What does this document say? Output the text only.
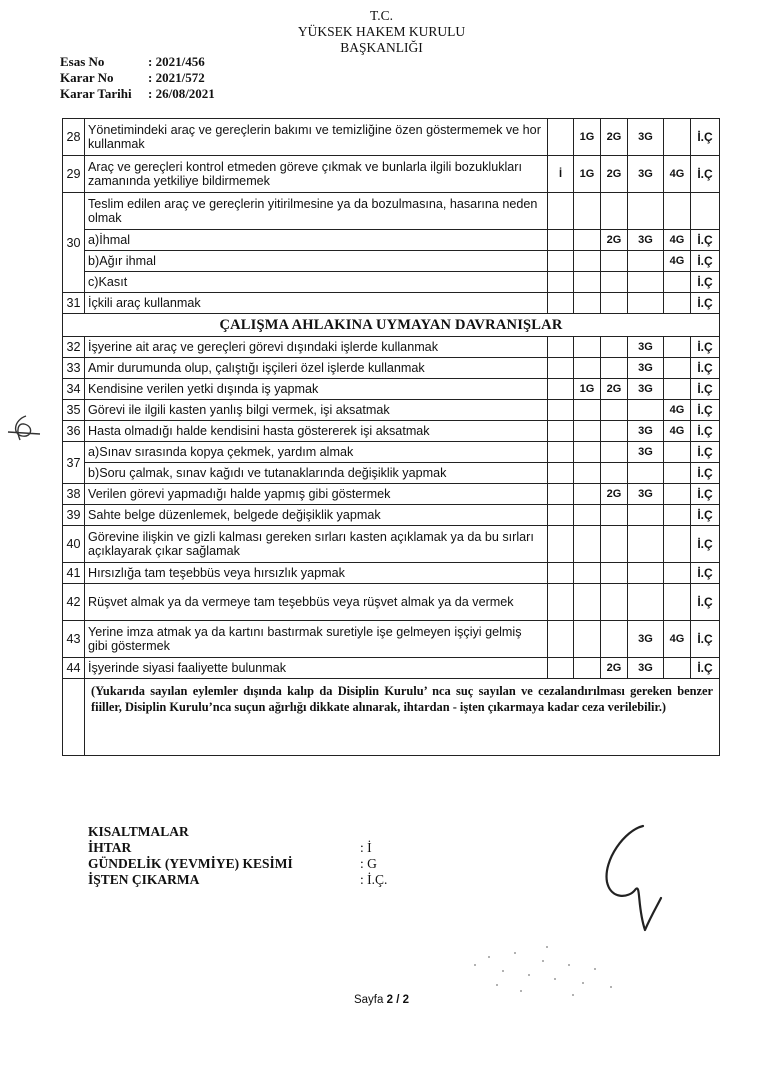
T.C.
YÜKSEK HAKEM KURULU
BAŞKANLIĞI
Esas No	: 2021/456
Karar No	: 2021/572
Karar Tarihi	: 26/08/2021
28	Yönetimindeki araç ve gereçlerin bakımı ve temizliğine özen göstermemek ve hor kullanmak		1G	2G	3G		İ.Ç
29	Araç ve gereçleri kontrol etmeden göreve çıkmak ve bunlarla ilgili bozuklukları zamanında yetkiliye bildirmemek	İ	1G	2G	3G	4G	İ.Ç
30	Teslim edilen araç ve gereçlerin yitirilmesine ya da bozulmasına, hasarına neden olmak						
	a)İhmal			2G	3G	4G	İ.Ç
	b)Ağır ihmal					4G	İ.Ç
	c)Kasıt						İ.Ç
31	İçkili araç kullanmak						İ.Ç
ÇALIŞMA AHLAKINA UYMAYAN DAVRANIŞLAR							
32	İşyerine ait araç ve gereçleri görevi dışındaki işlerde kullanmak				3G		İ.Ç
33	Amir durumunda olup, çalıştığı işçileri özel işlerde kullanmak				3G		İ.Ç
34	Kendisine verilen yetki dışında iş yapmak		1G	2G	3G		İ.Ç
35	Görevi ile ilgili kasten yanlış bilgi vermek, işi aksatmak					4G	İ.Ç
36	Hasta olmadığı halde kendisini hasta göstererek işi aksatmak				3G	4G	İ.Ç
37	a)Sınav sırasında kopya çekmek, yardım almak				3G		İ.Ç
	b)Soru çalmak, sınav kağıdı ve tutanaklarında değişiklik yapmak						İ.Ç
38	Verilen görevi yapmadığı halde yapmış gibi göstermek			2G	3G		İ.Ç
39	Sahte belge düzenlemek, belgede değişiklik yapmak						İ.Ç
40	Görevine ilişkin ve gizli kalması gereken sırları kasten açıklamak ya da bu sırları açıklayarak çıkar sağlamak						İ.Ç
41	Hırsızlığa tam teşebbüs veya hırsızlık yapmak						İ.Ç
42	Rüşvet almak ya da vermeye tam teşebbüs veya rüşvet almak ya da vermek						İ.Ç
43	Yerine imza atmak ya da kartını bastırmak suretiyle işe gelmeyen işçiyi gelmiş gibi göstermek				3G	4G	İ.Ç
44	İşyerinde siyasi faaliyette bulunmak			2G	3G		İ.Ç
	(Yukarıda sayılan eylemler dışında kalıp da Disiplin Kurulu’ nca suç sayılan ve cezalandırılması gereken benzer fiiller, Disiplin Kurulu’nca suçun ağırlığı dikkate alınarak, ihtardan - işten çıkarmaya kadar ceza verilebilir.)						
KISALTMALAR
İHTAR	: İ
GÜNDELİK (YEVMİYE) KESİMİ	: G
İŞTEN ÇIKARMA	: İ.Ç.
Sayfa 2 / 2
